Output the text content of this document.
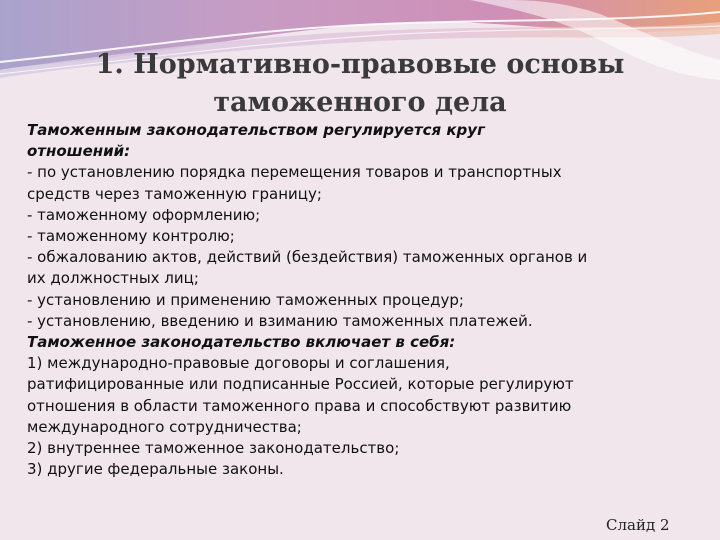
1. Нормативно-правовые основы
таможенного дела
Таможенным законодательством регулируется круг
отношений:
- по установлению порядка перемещения товаров и транспортных
средств через таможенную границу;
- таможенному оформлению;
- таможенному контролю;
- обжалованию актов, действий (бездействия) таможенных органов и
их должностных лиц;
- установлению и применению таможенных процедур;
- установлению, введению и взиманию таможенных платежей.
Таможенное законодательство включает в себя:
1) международно-правовые договоры и соглашения,
ратифицированные или подписанные Россией, которые регулируют
отношения в области таможенного права и способствуют развитию
международного сотрудничества;
2) внутреннее таможенное законодательство;
3) другие федеральные законы.
Слайд 2
